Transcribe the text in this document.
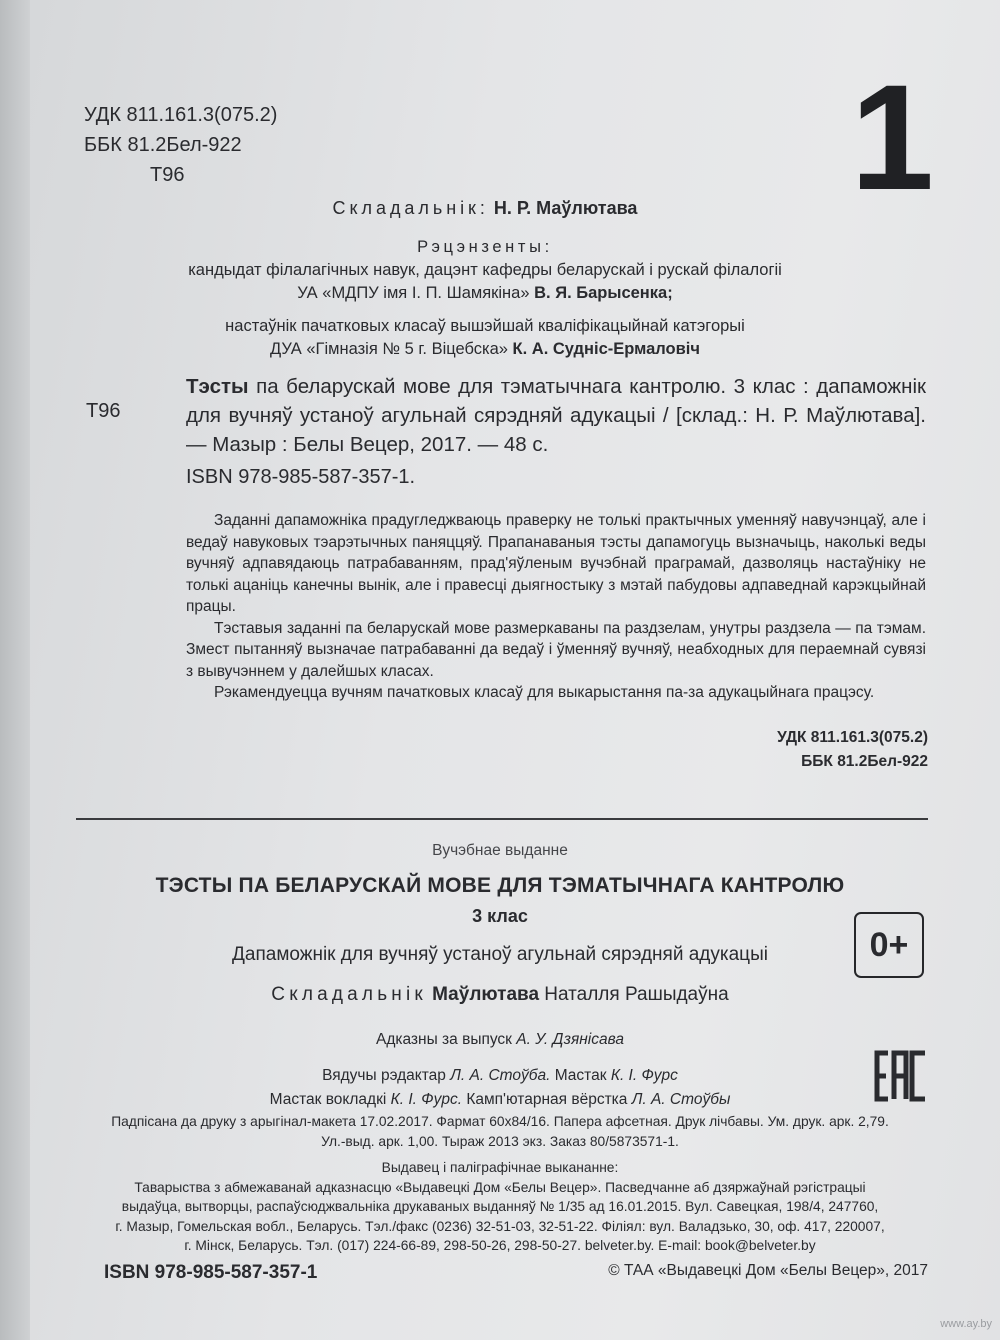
УДК 811.161.3(075.2)
ББК 81.2Бел-922
Т96	1
Складальнік: Н. Р. Маўлютава
Рэцэнзенты:
кандыдат філалагічных навук, дацэнт кафедры беларускай і рускай філалогіі
УА «МДПУ імя І. П. Шамякіна» В. Я. Барысенка;
настаўнік пачатковых класаў вышэйшай кваліфікацыйнай катэгорыі
ДУА «Гімназія № 5 г. Віцебска» К. А. Судніс-Ермаловіч
Т96
Тэсты па беларускай мове для тэматычнага кантролю. 3 клас : дапаможнік для вучняў устаноў агульнай сярэдняй адукацыі / [склад.: Н. Р. Маўлютава]. — Мазыр : Белы Вецер, 2017. — 48 с.
ISBN 978-985-587-357-1.

Заданні дапаможніка прадугледжваюць праверку не толькі практычных уменняў навучэнцаў, але і ведаў навуковых тэарэтычных паняццяў. Прапанаваныя тэсты дапамогуць вызначыць, наколькі веды вучняў адпавядаюць патрабаванням, прад'яўленым вучэбнай праграмай, дазволяць настаўніку не толькі ацаніць канечны вынік, але і правесці дыягностыку з мэтай пабудовы адпаведнай карэкцыйнай працы.

Тэставыя заданні па беларускай мове размеркаваны па раздзелам, унутры раздзела — па тэмам. Змест пытанняў вызначае патрабаванні да ведаў і ўменняў вучняў, неабходных для пераемнай сувязі з вывучэннем у далейшых класах.

Рэкамендуецца вучням пачатковых класаў для выкарыстання па-за адукацыйнага працэсу.

УДК 811.161.3(075.2)
ББК 81.2Бел-922
Вучэбнае выданне
ТЭСТЫ ПА БЕЛАРУСКАЙ МОВЕ ДЛЯ ТЭМАТЫЧНАГА КАНТРОЛЮ
3 клас
Дапаможнік для вучняў устаноў агульнай сярэдняй адукацыі	0+
Складальнік Маўлютава Наталля Рашыдаўна
Адказны за выпуск А. У. Дзянісава
Вядучы рэдактар Л. А. Стоўба. Мастак К. І. Фурс
Мастак вокладкі К. І. Фурс. Камп'ютарная вёрстка Л. А. Стоўбы
Падпісана да друку з арыгінал-макета 17.02.2017. Фармат 60x84/16. Папера афсетная. Друк лічбавы. Ум. друк. арк. 2,79.
Ул.-выд. арк. 1,00. Тыраж 2013 экз. Заказ 80/5873571-1.
Выдавец і паліграфічнае выкананне:
Таварыства з абмежаванай адказнасцю «Выдавецкі Дом «Белы Вецер». Пасведчанне аб дзяржаўнай рэгістрацыі
выдаўца, вытворцы, распаўсюджвальніка друкаваных выданняў № 1/35 ад 16.01.2015. Вул. Савецкая, 198/4, 247760,
г. Мазыр, Гомельская вобл., Беларусь. Тэл./факс (0236) 32-51-03, 32-51-22. Філіял: вул. Валадзько, 30, оф. 417, 220007,
г. Мінск, Беларусь. Тэл. (017) 224-66-89, 298-50-26, 298-50-27. belveter.by. E-mail: book@belveter.by
ISBN 978-985-587-357-1	© ТАА «Выдавецкі Дом «Белы Вецер», 2017
www.ay.by
